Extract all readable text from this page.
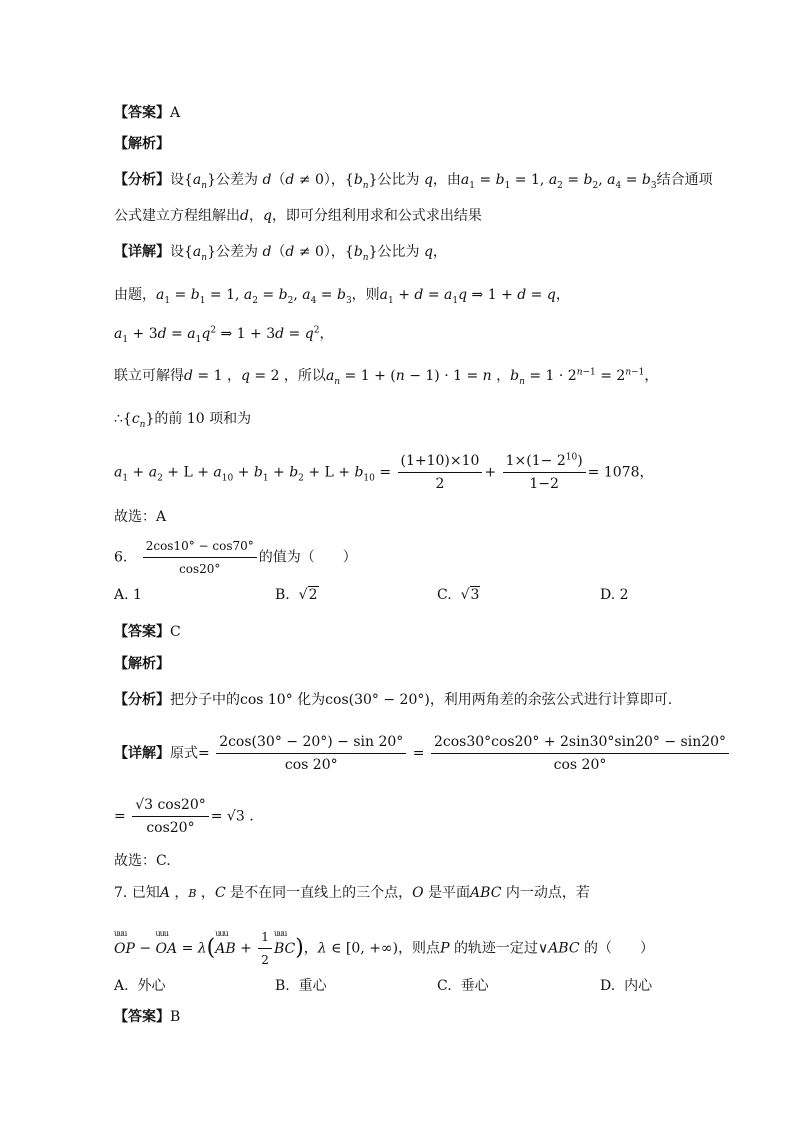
【答案】A
【解析】
【分析】设$\{a_n\}$公差为 d（d ≠ 0），$\{b_n\}$公比为 q，由$a_1 = b_1 = 1$, $a_2 = b_2$, $a_4 = b_3$结合通项
公式建立方程组解出d，q，即可分组利用求和公式求出结果
【详解】设$\{a_n\}$公差为 d（d ≠ 0），$\{b_n\}$公比为 q，
由题，$a_1 = b_1 = 1$, $a_2 = b_2$, $a_4 = b_3$，则$a_1 + d = a_1q$ ⇒ 1 + d = q，
$a_1 + 3d = a_1q^2$ ⇒ $1 + 3d = q^2$，
联立可解得d = 1 ，q = 2 ，所以$a_n = 1 + (n - 1) \cdot 1 = n$ ，$b_n = 1 \cdot 2^{n-1} = 2^{n-1}$，
$\therefore\{c_n\}$的前 10 项和为
$a_1 + a_2 + L + a_{10} + b_1 + b_2 + L + b_{10} = \frac{(1+10)\times 10}{2} + \frac{1\times(1- 2^{10})}{1-2} = 1078$，
故选：A
6. $\frac{2\cos 10^\circ - \cos 70^\circ}{\cos 20^\circ}$ 的值为（　　）
A. 1	B. √2	C. √3	D. 2
【答案】C
【解析】
【分析】把分子中的cos 10° 化为cos(30° − 20°)，利用两角差的余弦公式进行计算即可.
【详解】原式= $\frac{2\cos(30^\circ - 20^\circ) - \sin 20^\circ}{\cos 20^\circ} = \frac{2\cos 30^\circ\cos 20^\circ + 2\sin 30^\circ\sin 20^\circ - \sin 20^\circ}{\cos 20^\circ}$
= $\frac{√3 \cos 20^\circ}{\cos 20^\circ} = √3$ .
故选：C.
7. 已知A ，B ，C 是不在同一直线上的三个点，O 是平面ABC 内一动点，若
uuu
OP −
uuu
OA = λ(
uuu
AB + $\frac{1}{2}$ uuu
BC)，λ ∈ [0, +∞)，则点P 的轨迹一定过∨ABC 的（　　）
A. 外心	B. 重心	C. 垂心	D. 内心
【答案】B
